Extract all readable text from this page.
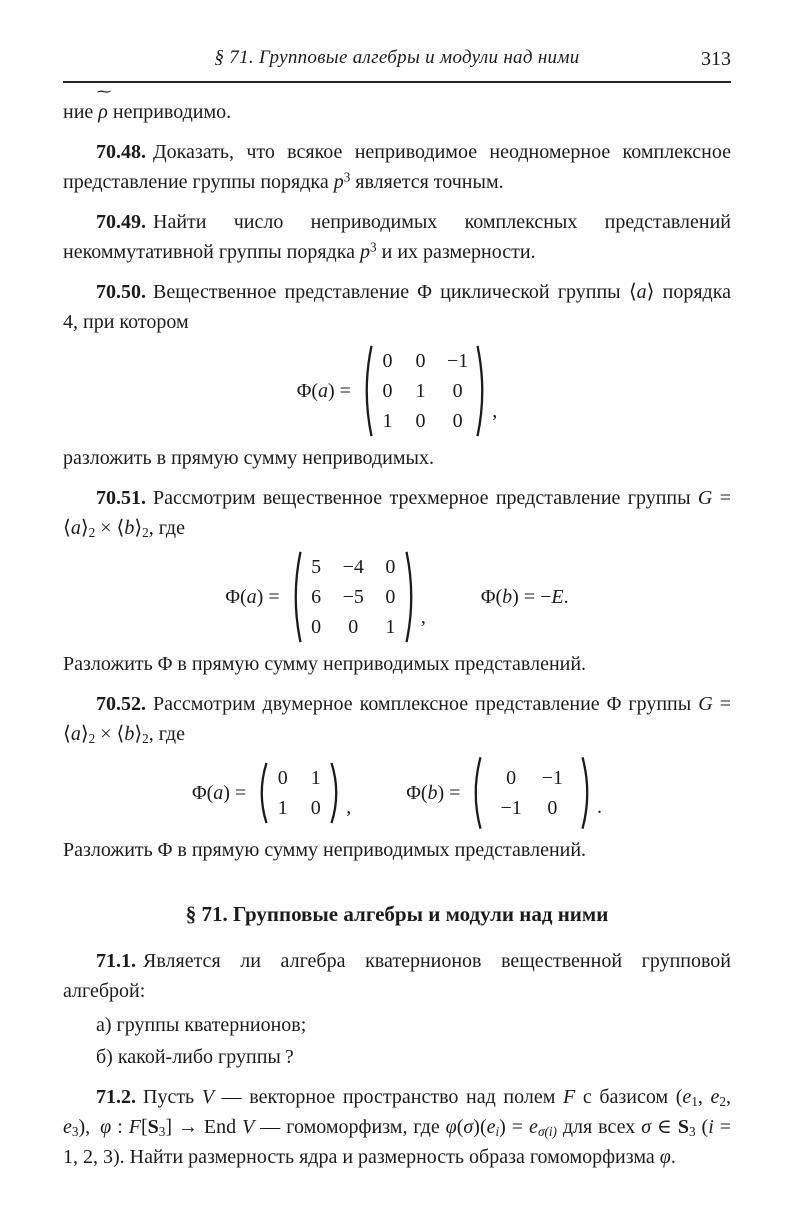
§ 71. Групповые алгебры и модули над ними	313

ние
∼
ρ неприводимо.

70.48. Доказать, что всякое неприводимое неодномерное комплексное представление группы порядка $p^3$ является точным.

70.49. Найти число неприводимых комплексных представлений некоммутативной группы порядка $p^3$ и их размерности.

70.50. Вещественное представление Φ циклической группы ⟨a⟩ порядка 4, при котором

Φ(a) =
0 0 −1
0 1 0
1 0 0 ,

разложить в прямую сумму неприводимых.

70.51. Рассмотрим вещественное трехмерное представление группы $G = ⟨a⟩_2$ × $⟨b⟩_2$, где

Φ(a) =
5 −4 0
6 −5 0
0 0 1 ,
Φ( b ) = − E .

Разложить Φ в прямую сумму неприводимых представлений.

70.52. Рассмотрим двумерное комплексное представление Φ группы $G = ⟨a⟩_2$ × $⟨b⟩_2$, где

Φ(a) =
0 1
1 0 ,
Φ(b) =
0 −1
−1 0 .

Разложить Φ в прямую сумму неприводимых представлений.

§ 71. Групповые алгебры и модули над ними

71.1. Является ли алгебра кватернионов вещественной групповой алгеброй:

а) группы кватернионов;

б) какой-либо группы ?

71.2. Пусть V — векторное пространство над полем F с базисом ($e_1$, $e_2$, $e_3$), φ : $F[S_3]$ → End V — гомоморфизм, где $\varphi(\sigma)(e_i) = e_{\sigma(i)}$ для всех σ ∈ $S_3$ (i = 1, 2, 3). Найти размерность ядра и размерность образа гомоморфизма φ.
